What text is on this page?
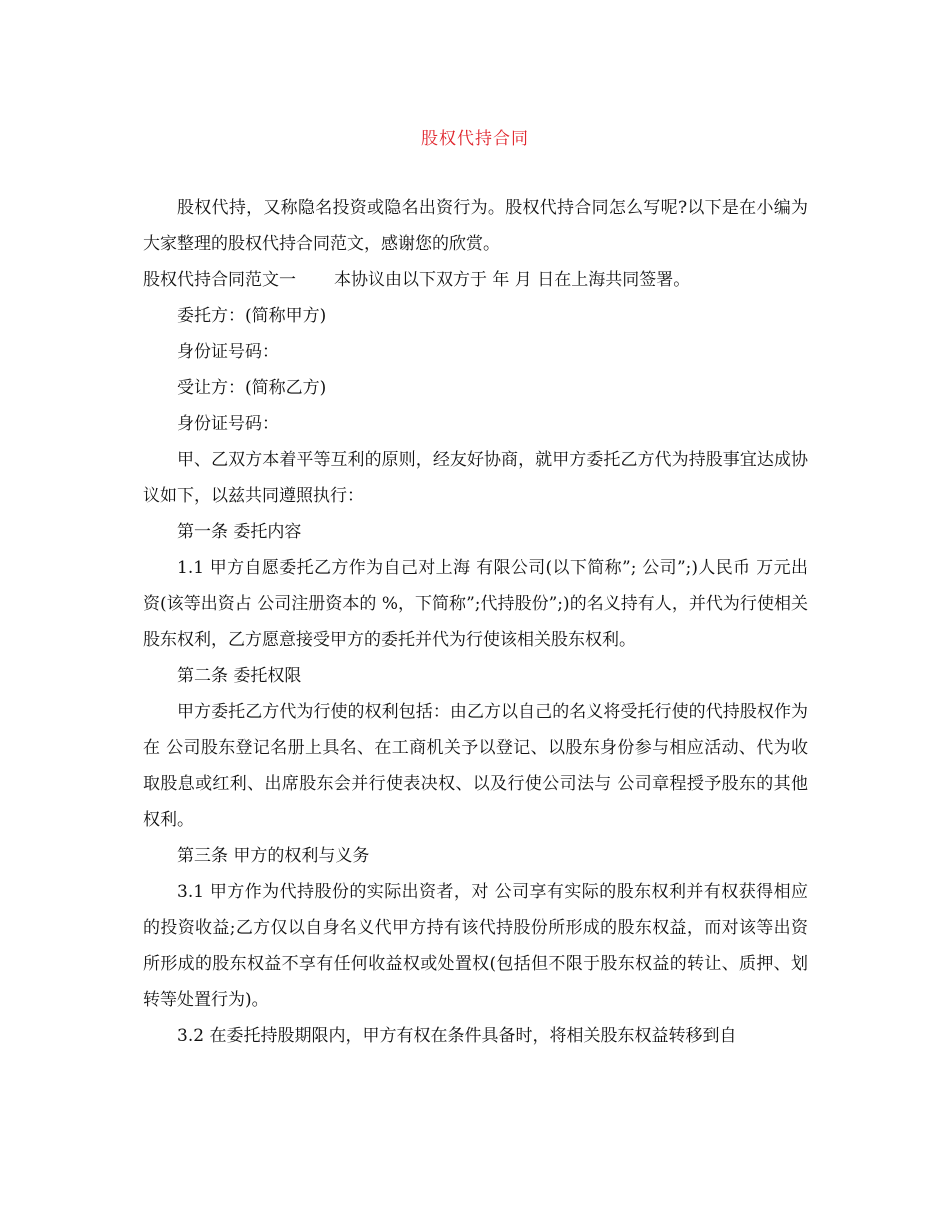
股权代持合同

股权代持，又称隐名投资或隐名出资行为。股权代持合同怎么写呢?以下是在小编为大家整理的股权代持合同范文，感谢您的欣赏。

股权代持合同范文一 本协议由以下双方于 年 月 日在上海共同签署。

委托方：(简称甲方)

身份证号码：

受让方：(简称乙方)

身份证号码：

甲、乙双方本着平等互利的原则，经友好协商，就甲方委托乙方代为持股事宜达成协议如下，以兹共同遵照执行：

第一条 委托内容

1.1 甲方自愿委托乙方作为自己对上海 有限公司(以下简称”; 公司”;)人民币 万元出资(该等出资占 公司注册资本的 %，下简称”;代持股份”;)的名义持有人，并代为行使相关股东权利，乙方愿意接受甲方的委托并代为行使该相关股东权利。

第二条 委托权限

甲方委托乙方代为行使的权利包括：由乙方以自己的名义将受托行使的代持股权作为在 公司股东登记名册上具名、在工商机关予以登记、以股东身份参与相应活动、代为收取股息或红利、出席股东会并行使表决权、以及行使公司法与 公司章程授予股东的其他权利。

第三条 甲方的权利与义务

3.1 甲方作为代持股份的实际出资者，对 公司享有实际的股东权利并有权获得相应的投资收益;乙方仅以自身名义代甲方持有该代持股份所形成的股东权益，而对该等出资所形成的股东权益不享有任何收益权或处置权(包括但不限于股东权益的转让、质押、划转等处置行为)。

3.2 在委托持股期限内，甲方有权在条件具备时，将相关股东权益转移到自
